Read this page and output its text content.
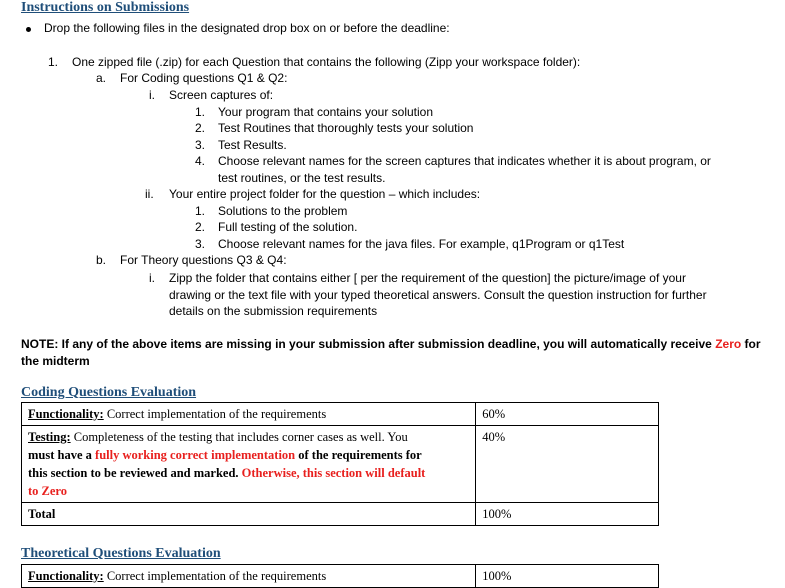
Instructions on Submissions
Drop the following files in the designated drop box on or before the deadline:
1. One zipped file (.zip) for each Question that contains the following (Zipp your workspace folder):
a. For Coding questions Q1 & Q2:
i. Screen captures of:
1. Your program that contains your solution
2. Test Routines that thoroughly tests your solution
3. Test Results.
4. Choose relevant names for the screen captures that indicates whether it is about program, or
test routines, or the test results.
ii. Your entire project folder for the question – which includes:
1. Solutions to the problem
2. Full testing of the solution.
3. Choose relevant names for the java files. For example, q1Program or q1Test
b. For Theory questions Q3 & Q4:
i. Zipp the folder that contains either [ per the requirement of the question] the picture/image of your
drawing or the text file with your typed theoretical answers. Consult the question instruction for further
details on the submission requirements
NOTE: If any of the above items are missing in your submission after submission deadline, you will automatically receive Zero for
the midterm
Coding Questions Evaluation
Functionality: Correct implementation of the requirements	60%
Testing: Completeness of the testing that includes corner cases as well. You
must have a fully working correct implementation of the requirements for
this section to be reviewed and marked. Otherwise, this section will default
to Zero	40%
Total	100%
Theoretical Questions Evaluation
Functionality: Correct implementation of the requirements	100%
